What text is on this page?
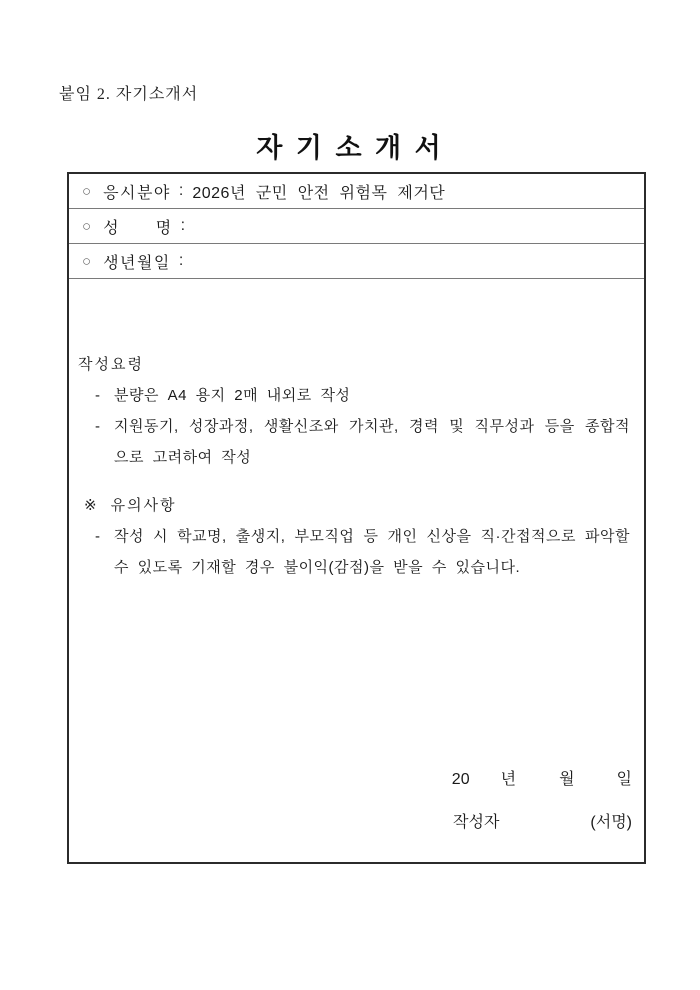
붙임 2. 자기소개서
자 기 소 개 서
○ 응시분야 : 2026년 군민 안전 위험목 제거단
○ 성      명 :
○ 생년월일 :
작성요령
- 분량은 A4 용지 2매 내외로 작성
- 지원동기, 성장과정, 생활신조와 가치관, 경력 및 직무성과 등을 종합적으로 고려하여 작성
※ 유의사항
- 작성 시 학교명, 출생지, 부모직업 등 개인 신상을 직·간접적으로 파악할 수 있도록 기재할 경우 불이익(감점)을 받을 수 있습니다.
20 년	월	일
작성자	(서명)
